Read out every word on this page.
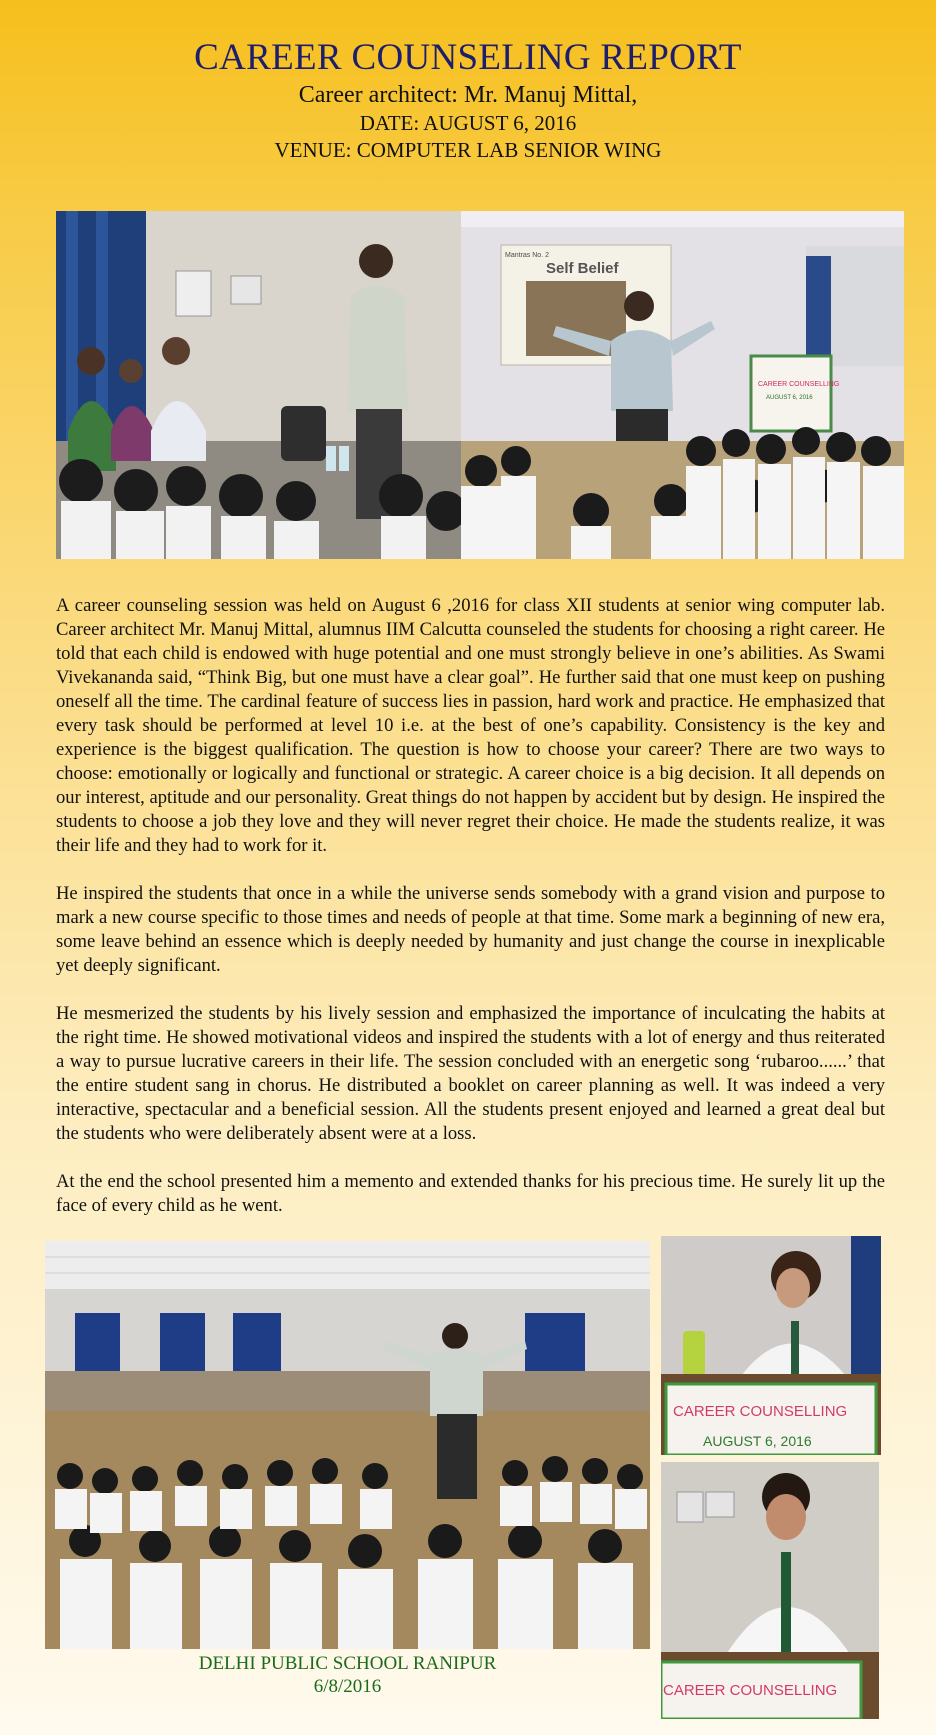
CAREER COUNSELING REPORT
Career architect: Mr. Manuj Mittal,
DATE: AUGUST 6, 2016
VENUE: COMPUTER LAB SENIOR WING
Mantras No. 2
Self Belief
CAREER COUNSELLING
AUGUST 6, 2016

A career counseling session was held on August 6 ,2016 for class XII students at senior wing computer lab. Career architect Mr. Manuj Mittal, alumnus IIM Calcutta counseled the students for choosing a right career. He told that each child is endowed with huge potential and one must strongly believe in one’s abilities. As Swami Vivekananda said, “Think Big, but one must have a clear goal”. He further said that one must keep on pushing oneself all the time. The cardinal feature of success lies in passion, hard work and practice. He emphasized that every task should be performed at level 10 i.e. at the best of one’s capability. Consistency is the key and experience is the biggest qualification. The question is how to choose your career? There are two ways to choose: emotionally or logically and functional or strategic. A career choice is a big decision. It all depends on our interest, aptitude and our personality. Great things do not happen by accident but by design. He inspired the students to choose a job they love and they will never regret their choice. He made the students realize, it was their life and they had to work for it.

He inspired the students that once in a while the universe sends somebody with a grand vision and purpose to mark a new course specific to those times and needs of people at that time. Some mark a beginning of new era, some leave behind an essence which is deeply needed by humanity and just change the course in inexplicable yet deeply significant.

He mesmerized the students by his lively session and emphasized the importance of inculcating the habits at the right time. He showed motivational videos and inspired the students with a lot of energy and thus reiterated a way to pursue lucrative careers in their life. The session concluded with an energetic song ‘rubaroo......’ that the entire student sang in chorus. He distributed a booklet on career planning as well. It was indeed a very interactive, spectacular and a beneficial session. All the students present enjoyed and learned a great deal but the students who were deliberately absent were at a loss.

At the end the school presented him a memento and extended thanks for his precious time. He surely lit up the face of every child as he went.

CAREER COUNSELLING
AUGUST 6, 2016
CAREER COUNSELLING
DELHI PUBLIC SCHOOL RANIPUR
6/8/2016
